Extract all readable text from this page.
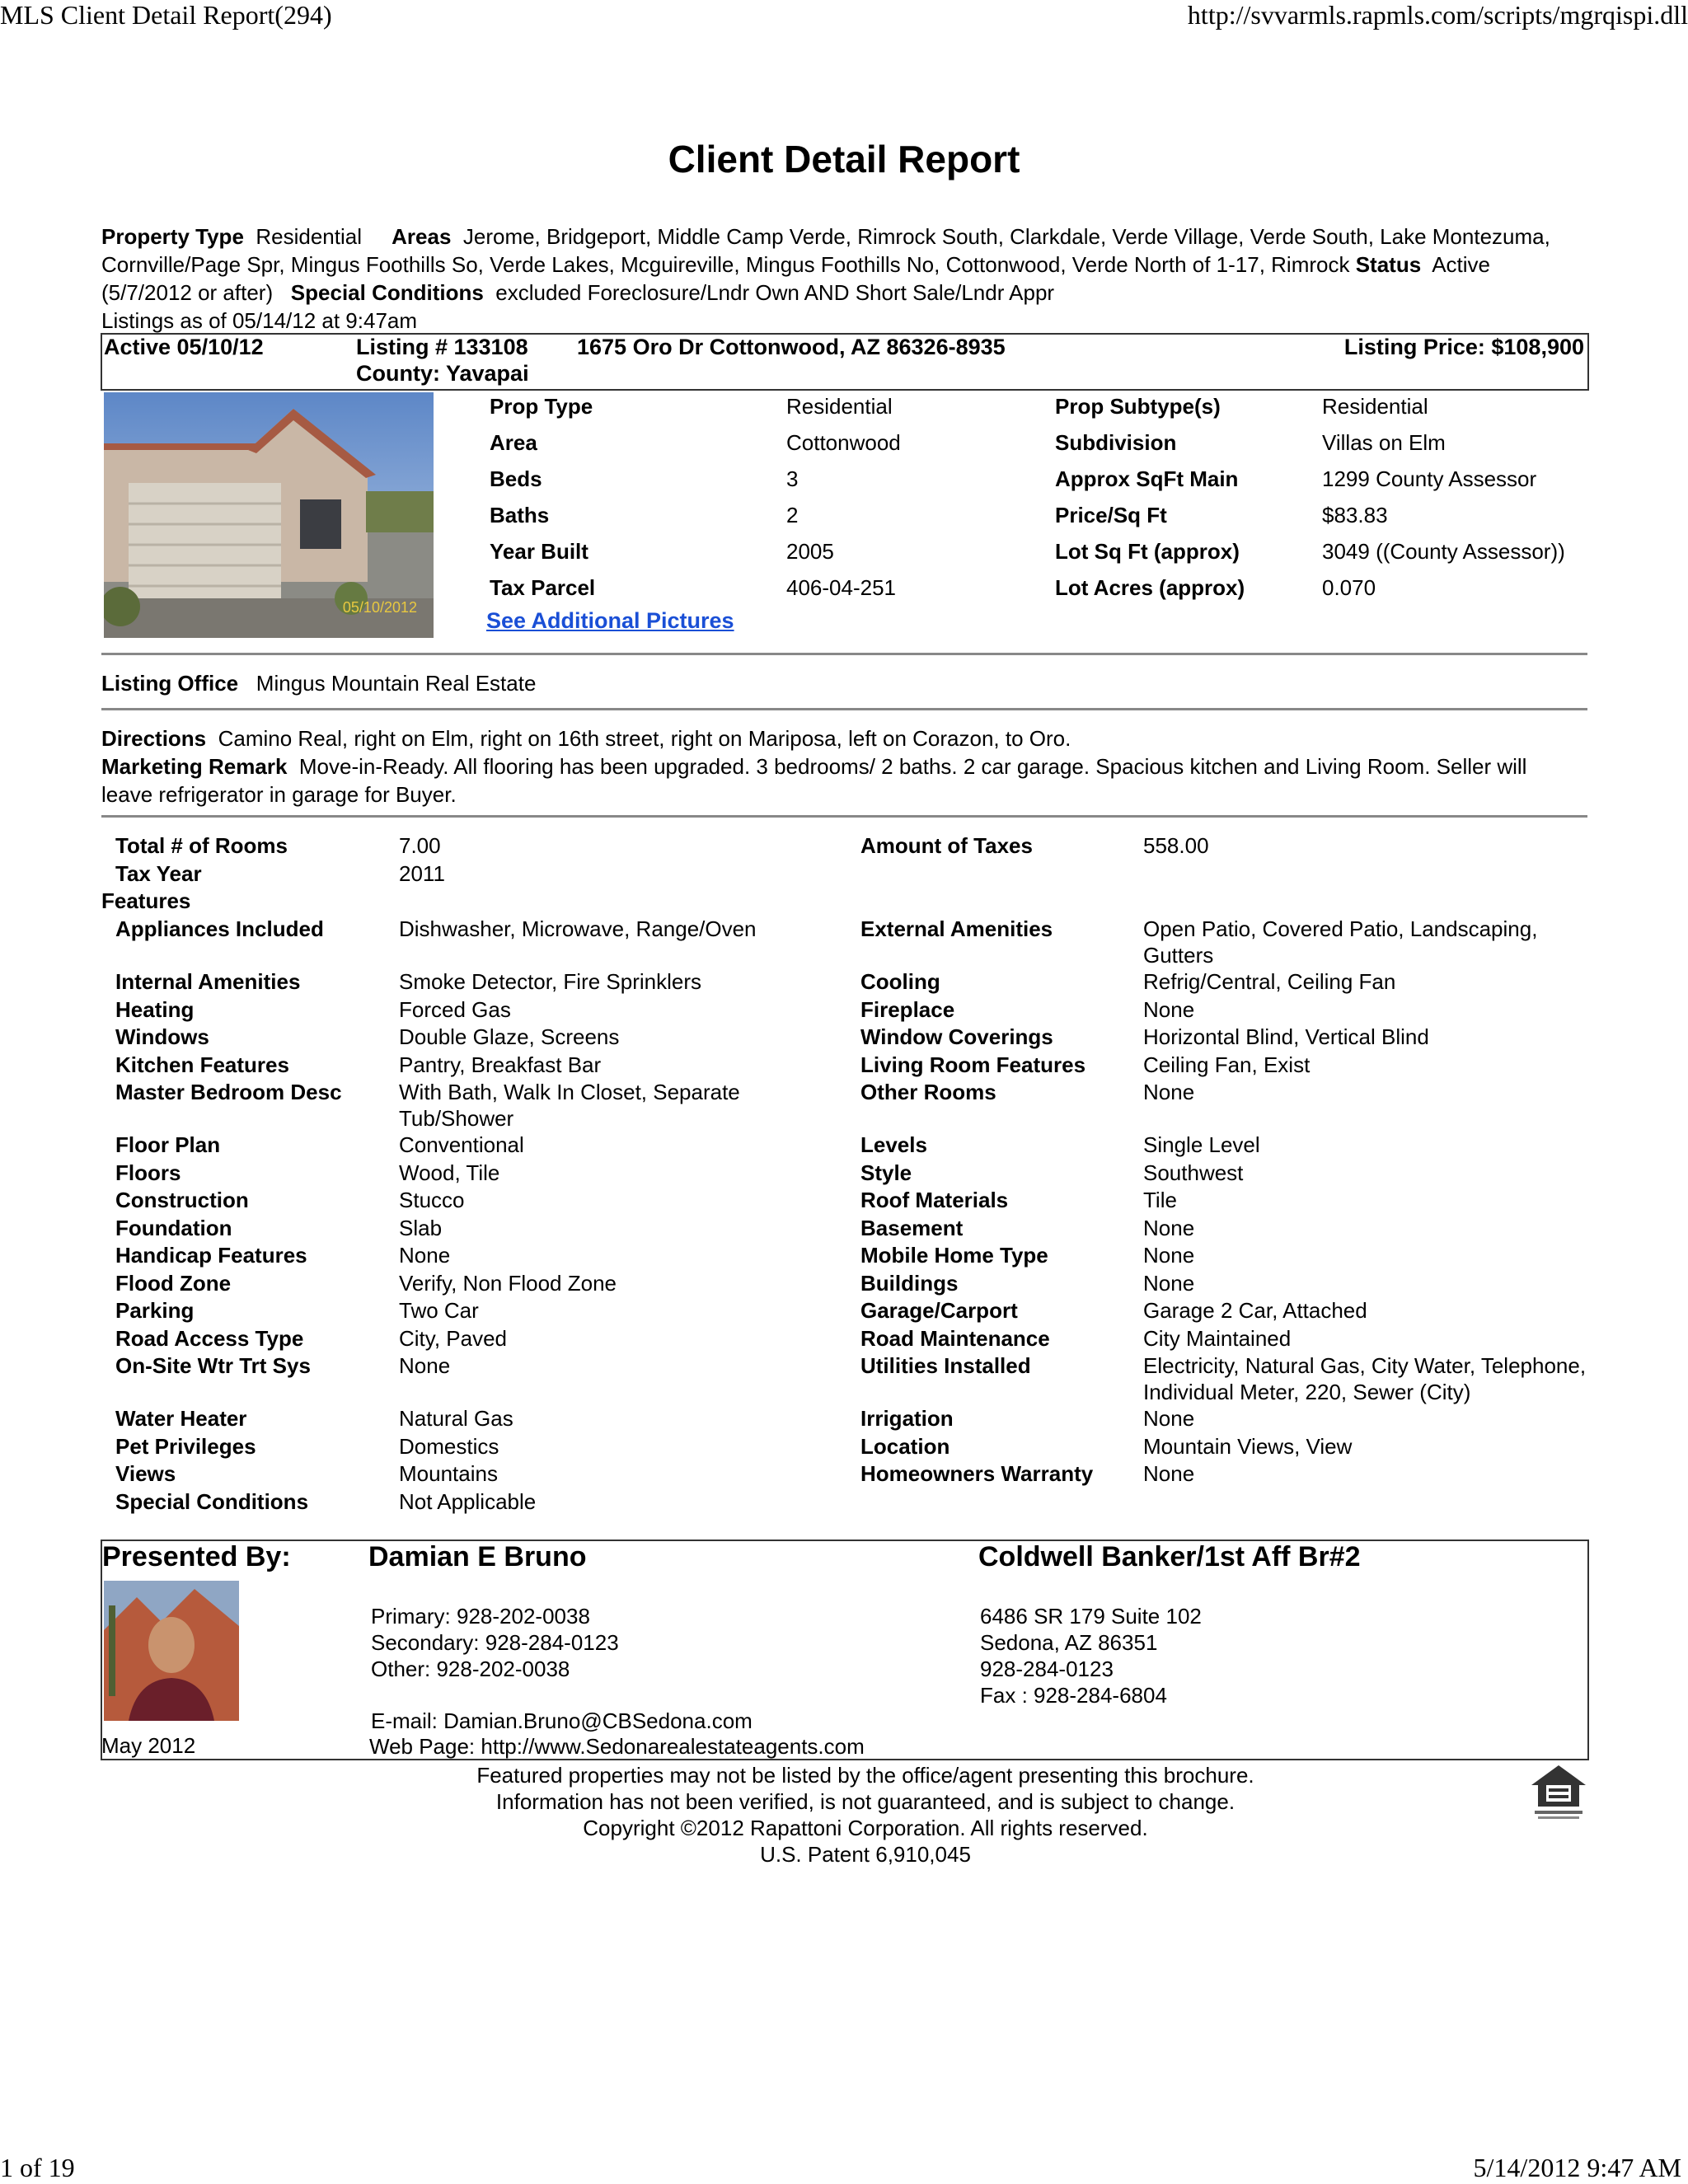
MLS Client Detail Report(294)	http://svvarmls.rapmls.com/scripts/mgrqispi.dll
Client Detail Report
Property Type Residential Areas Jerome, Bridgeport, Middle Camp Verde, Rimrock South, Clarkdale, Verde Village, Verde South, Lake Montezuma, Cornville/Page Spr, Mingus Foothills So, Verde Lakes, Mcguireville, Mingus Foothills No, Cottonwood, Verde North of 1-17, Rimrock Status Active (5/7/2012 or after) Special Conditions excluded Foreclosure/Lndr Own AND Short Sale/Lndr Appr
Listings as of 05/14/12 at 9:47am
Active 05/10/12	Listing # 133108
County: Yavapai
1675 Oro Dr Cottonwood, AZ 86326-8935	Listing Price: $108,900
05/10/2012
Prop Type	Residential	Prop Subtype(s)	Residential
Area	Cottonwood	Subdivision	Villas on Elm
Beds	3	Approx SqFt Main	1299 County Assessor
Baths	2	Price/Sq Ft	$83.83
Year Built	2005	Lot Sq Ft (approx)	3049 ((County Assessor))
Tax Parcel	406-04-251	Lot Acres (approx)	0.070
See Additional Pictures
Listing Office Mingus Mountain Real Estate
Directions Camino Real, right on Elm, right on 16th street, right on Mariposa, left on Corazon, to Oro.
Marketing Remark Move-in-Ready. All flooring has been upgraded. 3 bedrooms/ 2 baths. 2 car garage. Spacious kitchen and Living Room. Seller will leave refrigerator in garage for Buyer.
Total # of Rooms	7.00	Amount of Taxes	558.00
Tax Year	2011
Features
Appliances Included	Dishwasher, Microwave, Range/Oven	External Amenities	Open Patio, Covered Patio, Landscaping, Gutters
Internal Amenities	Smoke Detector, Fire Sprinklers	Cooling	Refrig/Central, Ceiling Fan
Heating	Forced Gas	Fireplace	None
Windows	Double Glaze, Screens	Window Coverings	Horizontal Blind, Vertical Blind
Kitchen Features	Pantry, Breakfast Bar	Living Room Features	Ceiling Fan, Exist
Master Bedroom Desc	With Bath, Walk In Closet, Separate Tub/Shower
Other Rooms	None
Floor Plan	Conventional	Levels	Single Level
Floors	Wood, Tile	Style	Southwest
Construction	Stucco	Roof Materials	Tile
Foundation	Slab	Basement	None
Handicap Features	None	Mobile Home Type	None
Flood Zone	Verify, Non Flood Zone	Buildings	None
Parking	Two Car	Garage/Carport	Garage 2 Car, Attached
Road Access Type	City, Paved	Road Maintenance	City Maintained
On-Site Wtr Trt Sys	None	Utilities Installed	Electricity, Natural Gas, City Water, Telephone, Individual Meter, 220, Sewer (City)
Water Heater	Natural Gas	Irrigation	None
Pet Privileges	Domestics	Location	Mountain Views, View
Views	Mountains	Homeowners Warranty	None
Special Conditions	Not Applicable
Presented By:	Damian E Bruno	Coldwell Banker/1st Aff Br#2
May 2012
Primary: 928-202-0038
Secondary: 928-284-0123
Other: 928-202-0038
E-mail: Damian.Bruno@CBSedona.com
Web Page: http://www.Sedonarealestateagents.com
6486 SR 179 Suite 102
Sedona, AZ 86351
928-284-0123
Fax : 928-284-6804
Featured properties may not be listed by the office/agent presenting this brochure.
Information has not been verified, is not guaranteed, and is subject to change.
Copyright ©2012 Rapattoni Corporation. All rights reserved.
U.S. Patent 6,910,045
1 of 19	5/14/2012 9:47 AM
